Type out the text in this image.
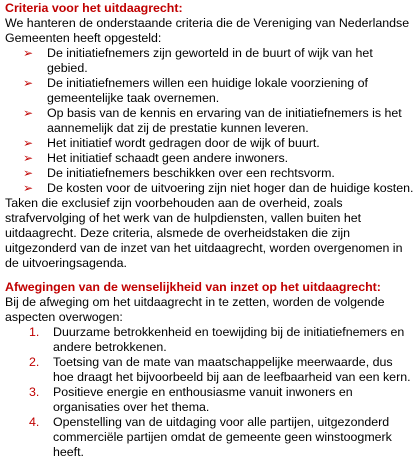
Criteria voor het uitdaagrecht:

We hanteren de onderstaande criteria die de Vereniging van Nederlandse Gemeenten heeft opgesteld:

➢ De initiatiefnemers zijn geworteld in de buurt of wijk van het gebied.
➢ De initiatiefnemers willen een huidige lokale voorziening of gemeentelijke taak overnemen.
➢ Op basis van de kennis en ervaring van de initiatiefnemers is het aannemelijk dat zij de prestatie kunnen leveren.
➢ Het initiatief wordt gedragen door de wijk of buurt.
➢ Het initiatief schaadt geen andere inwoners.
➢ De initiatiefnemers beschikken over een rechtsvorm.
➢ De kosten voor de uitvoering zijn niet hoger dan de huidige kosten.

Taken die exclusief zijn voorbehouden aan de overheid, zoals strafvervolging of het werk van de hulpdiensten, vallen buiten het uitdaagrecht. Deze criteria, alsmede de overheidstaken die zijn uitgezonderd van de inzet van het uitdaagrecht, worden overgenomen in de uitvoeringsagenda.

Afwegingen van de wenselijkheid van inzet op het uitdaagrecht:

Bij de afweging om het uitdaagrecht in te zetten, worden de volgende aspecten overwogen:

1. Duurzame betrokkenheid en toewijding bij de initiatiefnemers en andere betrokkenen.
2. Toetsing van de mate van maatschappelijke meerwaarde, dus hoe draagt het bijvoorbeeld bij aan de leefbaarheid van een kern.
3. Positieve energie en enthousiasme vanuit inwoners en organisaties over het thema.
4. Openstelling van de uitdaging voor alle partijen, uitgezonderd commerciële partijen omdat de gemeente geen winstoogmerk heeft.
